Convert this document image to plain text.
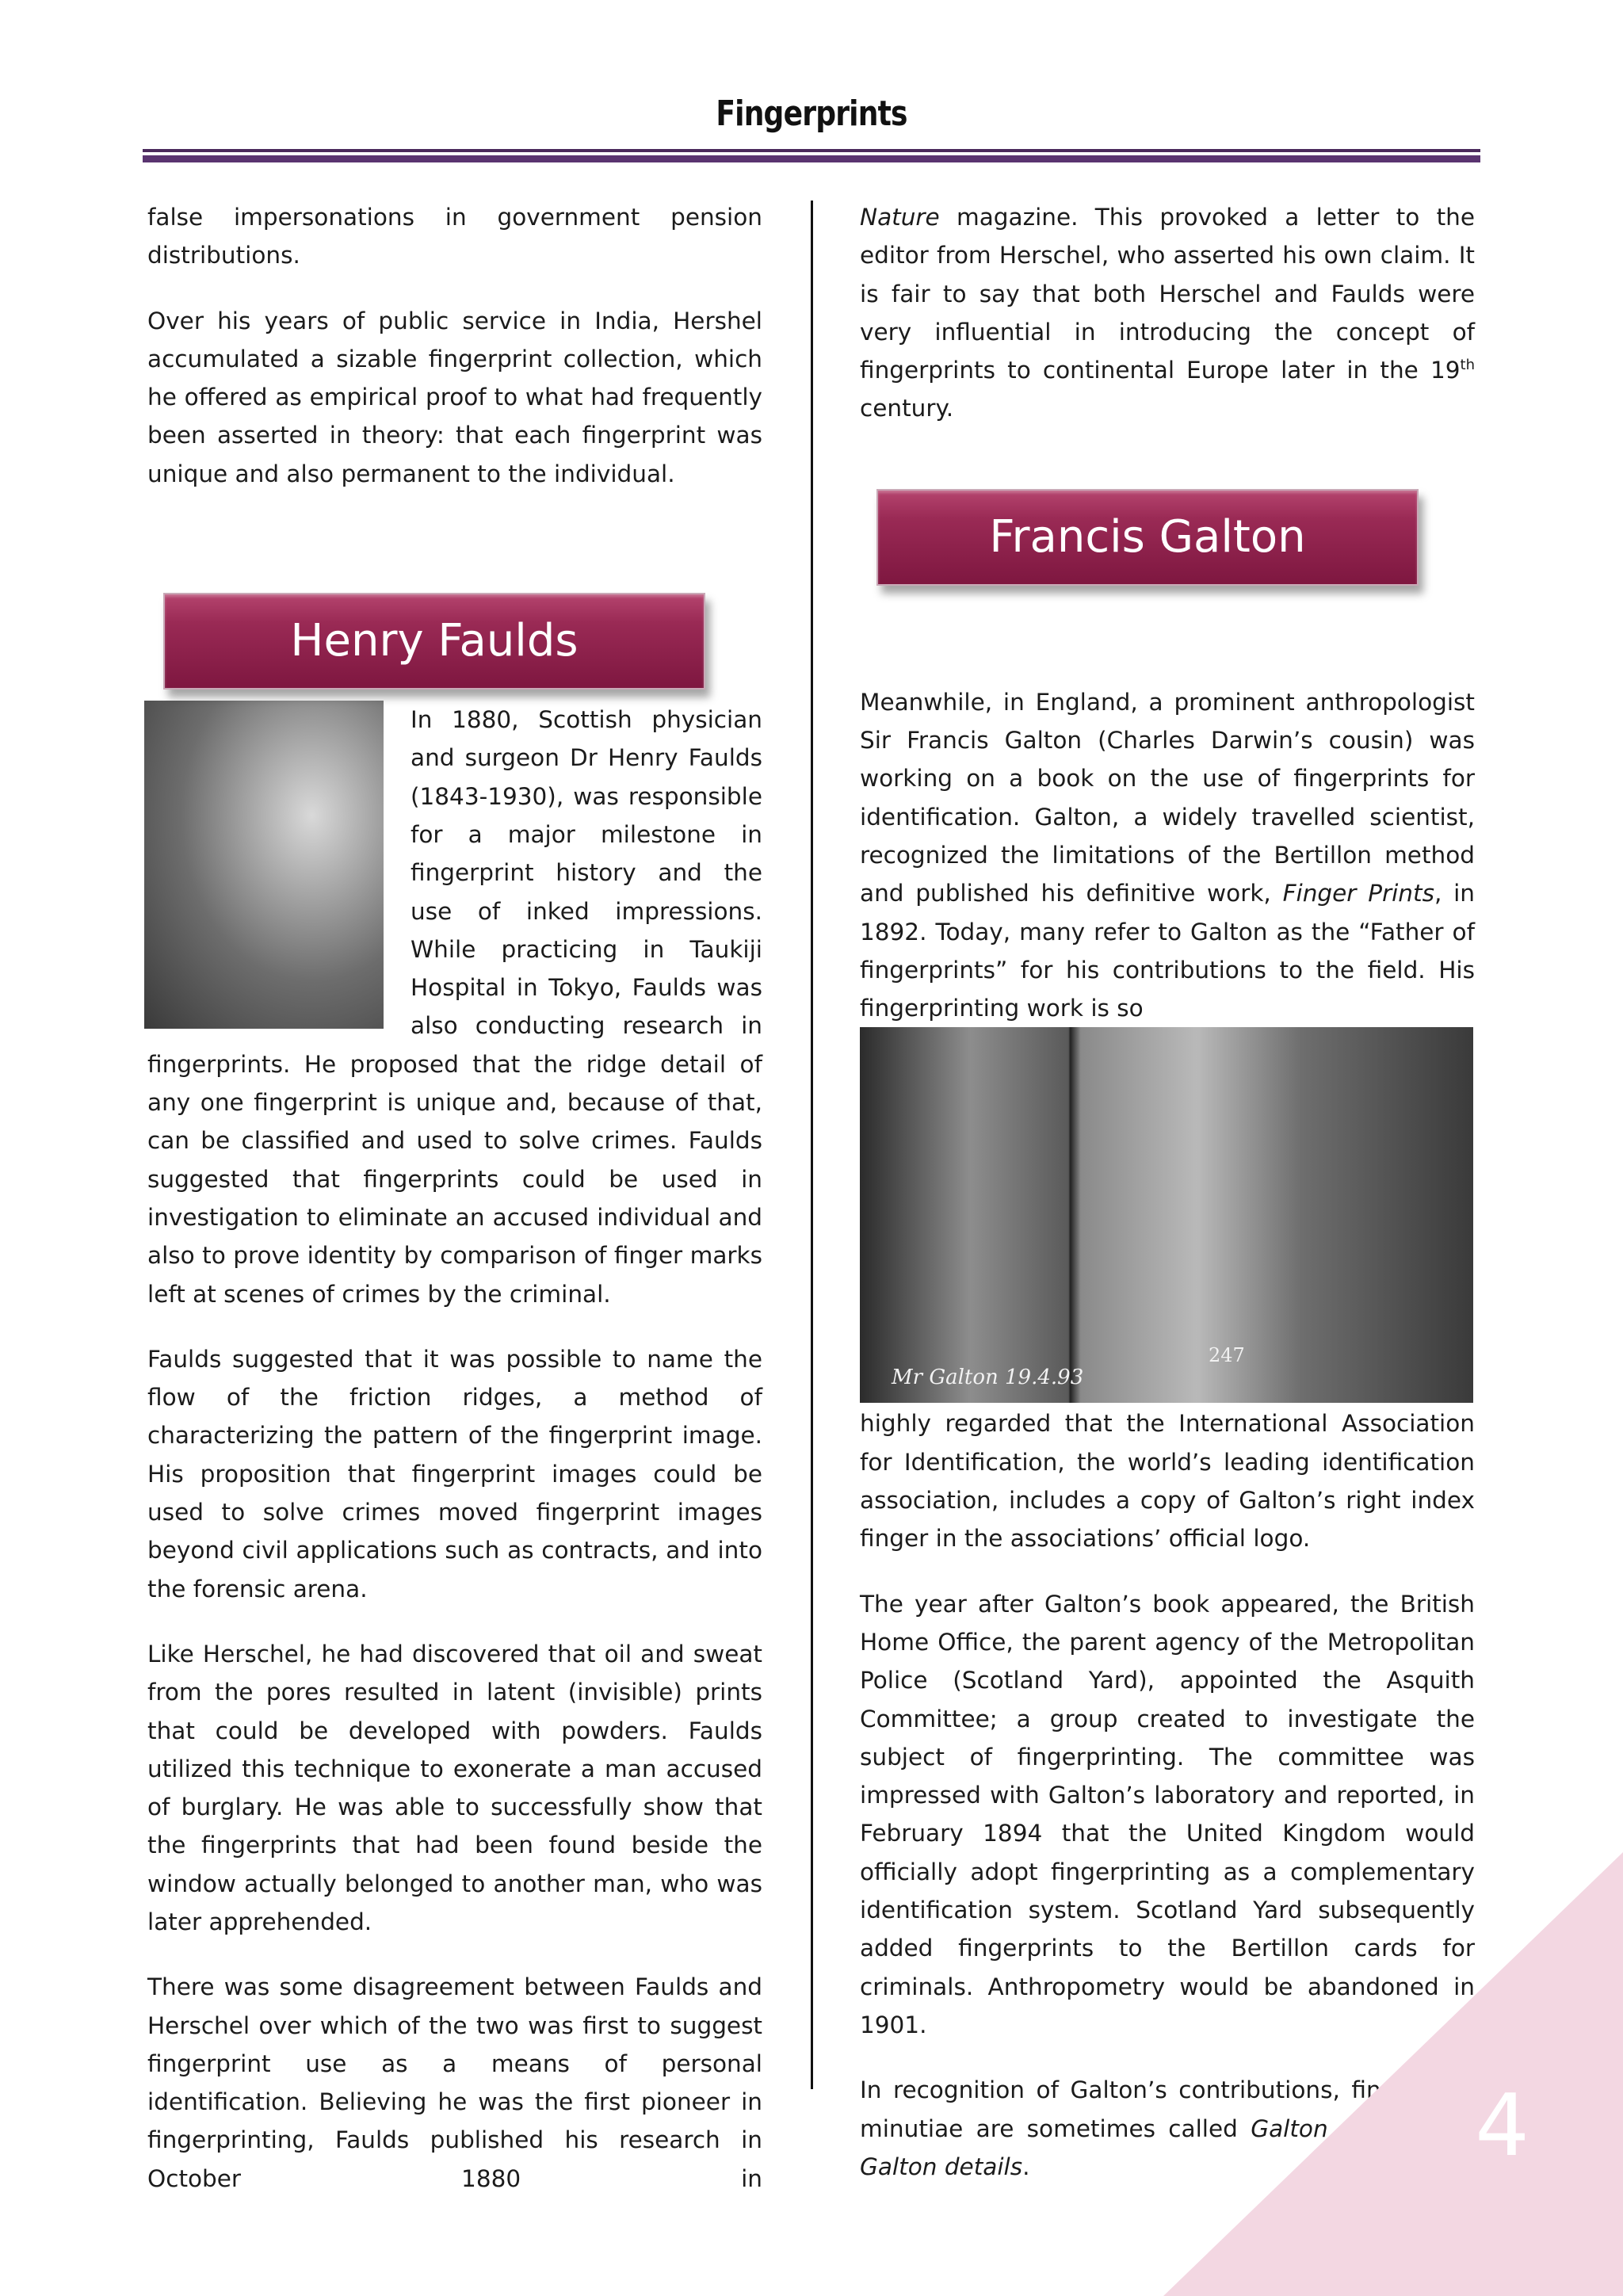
Fingerprints

false impersonations in government pension distributions.

Over his years of public service in India, Hershel accumulated a sizable fingerprint collection, which he offered as empirical proof to what had frequently been asserted in theory: that each fingerprint was unique and also permanent to the individual.

In 1880, Scottish physician and surgeon Dr Henry Faulds (1843-1930), was responsible for a major milestone in fingerprint history and the use of inked impressions. While practicing in Taukiji Hospital in Tokyo, Faulds was also conducting research in fingerprints. He proposed that the ridge detail of any one fingerprint is unique and, because of that, can be classified and used to solve crimes. Faulds suggested that fingerprints could be used in investigation to eliminate an accused individual and also to prove identity by comparison of finger marks left at scenes of crimes by the criminal.

Faulds suggested that it was possible to name the flow of the friction ridges, a method of characterizing the pattern of the fingerprint image. His proposition that fingerprint images could be used to solve crimes moved fingerprint images beyond civil applications such as contracts, and into the forensic arena.

Like Herschel, he had discovered that oil and sweat from the pores resulted in latent (invisible) prints that could be developed with powders. Faulds utilized this technique to exonerate a man accused of burglary. He was able to successfully show that the fingerprints that had been found beside the window actually belonged to another man, who was later apprehended.

There was some disagreement between Faulds and Herschel over which of the two was first to suggest fingerprint use as a means of personal identification. Believing he was the first pioneer in fingerprinting, Faulds published his research in October 1880 in

Henry Faulds

Nature magazine. This provoked a letter to the editor from Herschel, who asserted his own claim. It is fair to say that both Herschel and Faulds were very influential in introducing the concept of fingerprints to continental Europe later in the 19th century.

Meanwhile, in England, a prominent anthropologist Sir Francis Galton (Charles Darwin’s cousin) was working on a book on the use of fingerprints for identification. Galton, a widely travelled scientist, recognized the limitations of the Bertillon method and published his definitive work, Finger Prints, in 1892. Today, many refer to Galton as the “Father of fingerprints” for his contributions to the field. His fingerprinting work is so

Mr Galton 19.4.93
247

highly regarded that the International Association for Identification, the world’s leading identification association, includes a copy of Galton’s right index finger in the associations’ official logo.

The year after Galton’s book appeared, the British Home Office, the parent agency of the Metropolitan Police (Scotland Yard), appointed the Asquith Committee; a group created to investigate the subject of fingerprinting. The committee was impressed with Galton’s laboratory and reported, in February 1894 that the United Kingdom would officially adopt fingerprinting as a complementary identification system. Scotland Yard subsequently added fingerprints to the Bertillon cards for criminals. Anthropometry would be abandoned in 1901.

In recognition of Galton’s contributions, fingerprint minutiae are sometimes called Galton features or Galton details.

Francis Galton
4
